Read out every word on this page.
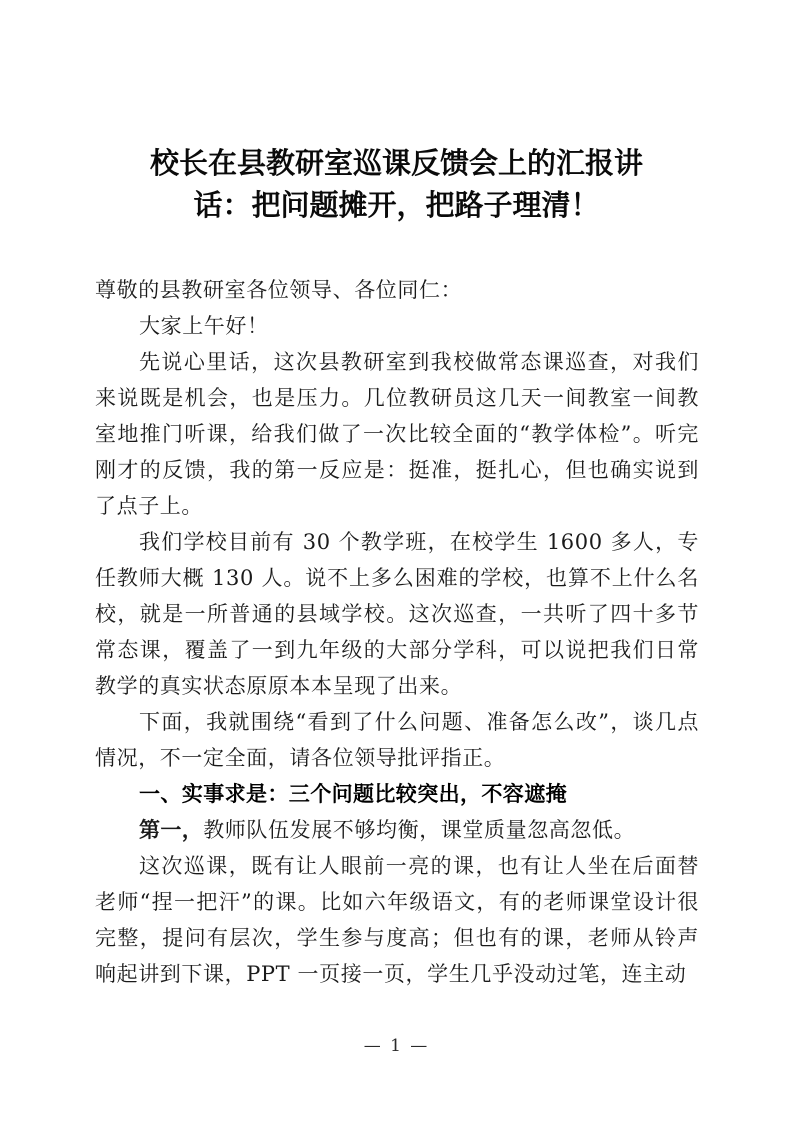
校长在县教研室巡课反馈会上的汇报讲
话：把问题摊开，把路子理清！

尊敬的县教研室各位领导、各位同仁：

大家上午好！

先说心里话，这次县教研室到我校做常态课巡查，对我们来说既是机会，也是压力。几位教研员这几天一间教室一间教室地推门听课，给我们做了一次比较全面的“教学体检”。听完刚才的反馈，我的第一反应是：挺准，挺扎心，但也确实说到了点子上。

我们学校目前有 30 个教学班，在校学生 1600 多人，专任教师大概 130 人。说不上多么困难的学校，也算不上什么名校，就是一所普通的县域学校。这次巡查，一共听了四十多节常态课，覆盖了一到九年级的大部分学科，可以说把我们日常教学的真实状态原原本本呈现了出来。

下面，我就围绕“看到了什么问题、准备怎么改”，谈几点情况，不一定全面，请各位领导批评指正。

一、实事求是：三个问题比较突出，不容遮掩

第一，教师队伍发展不够均衡，课堂质量忽高忽低。

这次巡课，既有让人眼前一亮的课，也有让人坐在后面替老师“捏一把汗”的课。比如六年级语文，有的老师课堂设计很完整，提问有层次，学生参与度高；但也有的课，老师从铃声响起讲到下课，PPT 一页接一页，学生几乎没动过笔，连主动

— 1 —
